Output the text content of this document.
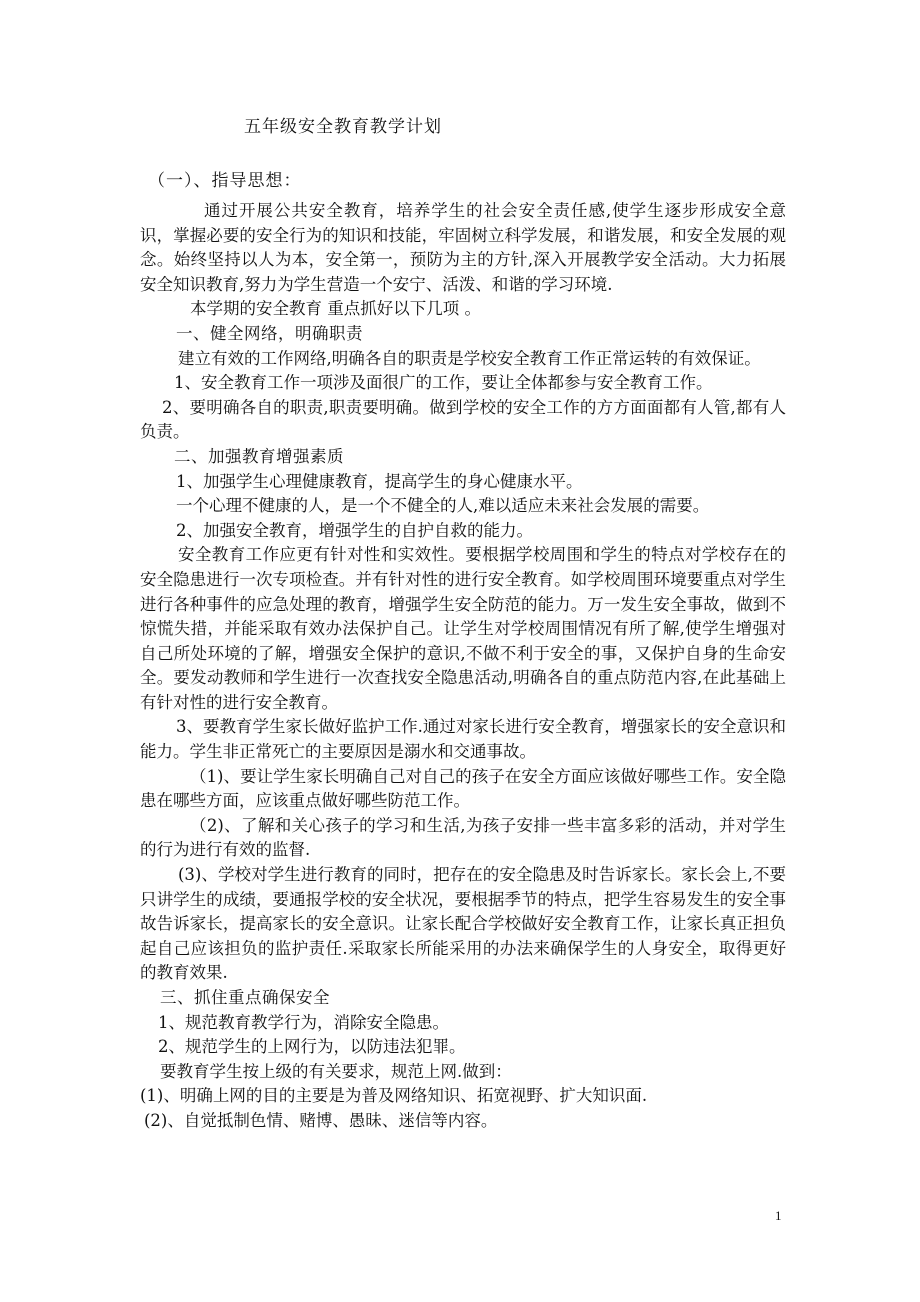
五年级安全教育教学计划
（一）、指导思想：

通过开展公共安全教育，培养学生的社会安全责任感,使学生逐步形成安全意识，掌握必要的安全行为的知识和技能，牢固树立科学发展，和谐发展，和安全发展的观念。始终坚持以人为本，安全第一，预防为主的方针,深入开展教学安全活动。大力拓展安全知识教育,努力为学生营造一个安宁、活泼、和谐的学习环境.

本学期的安全教育 重点抓好以下几项 。

一、健全网络，明确职责

建立有效的工作网络,明确各自的职责是学校安全教育工作正常运转的有效保证。

1、安全教育工作一项涉及面很广的工作，要让全体都参与安全教育工作。

2、要明确各自的职责,职责要明确。做到学校的安全工作的方方面面都有人管,都有人负责。

二、加强教育增强素质

1、加强学生心理健康教育，提高学生的身心健康水平。

一个心理不健康的人，是一个不健全的人,难以适应未来社会发展的需要。

2、加强安全教育，增强学生的自护自救的能力。

安全教育工作应更有针对性和实效性。要根据学校周围和学生的特点对学校存在的安全隐患进行一次专项检查。并有针对性的进行安全教育。如学校周围环境要重点对学生进行各种事件的应急处理的教育，增强学生安全防范的能力。万一发生安全事故，做到不惊慌失措，并能采取有效办法保护自己。让学生对学校周围情况有所了解,使学生增强对自己所处环境的了解，增强安全保护的意识,不做不利于安全的事，又保护自身的生命安全。要发动教师和学生进行一次查找安全隐患活动,明确各自的重点防范内容,在此基础上有针对性的进行安全教育。

3、要教育学生家长做好监护工作.通过对家长进行安全教育，增强家长的安全意识和能力。学生非正常死亡的主要原因是溺水和交通事故。

（1)、要让学生家长明确自己对自己的孩子在安全方面应该做好哪些工作。安全隐患在哪些方面，应该重点做好哪些防范工作。

（2)、了解和关心孩子的学习和生活,为孩子安排一些丰富多彩的活动，并对学生的行为进行有效的监督.

(3)、学校对学生进行教育的同时，把存在的安全隐患及时告诉家长。家长会上,不要只讲学生的成绩，要通报学校的安全状况，要根据季节的特点，把学生容易发生的安全事故告诉家长，提高家长的安全意识。让家长配合学校做好安全教育工作，让家长真正担负起自己应该担负的监护责任.采取家长所能采用的办法来确保学生的人身安全，取得更好的教育效果.

三、抓住重点确保安全

1、规范教育教学行为，消除安全隐患。

2、规范学生的上网行为，以防违法犯罪。

要教育学生按上级的有关要求，规范上网.做到：

(1)、明确上网的目的主要是为普及网络知识、拓宽视野、扩大知识面.

(2)、自觉抵制色情、赌博、愚昧、迷信等内容。

1
